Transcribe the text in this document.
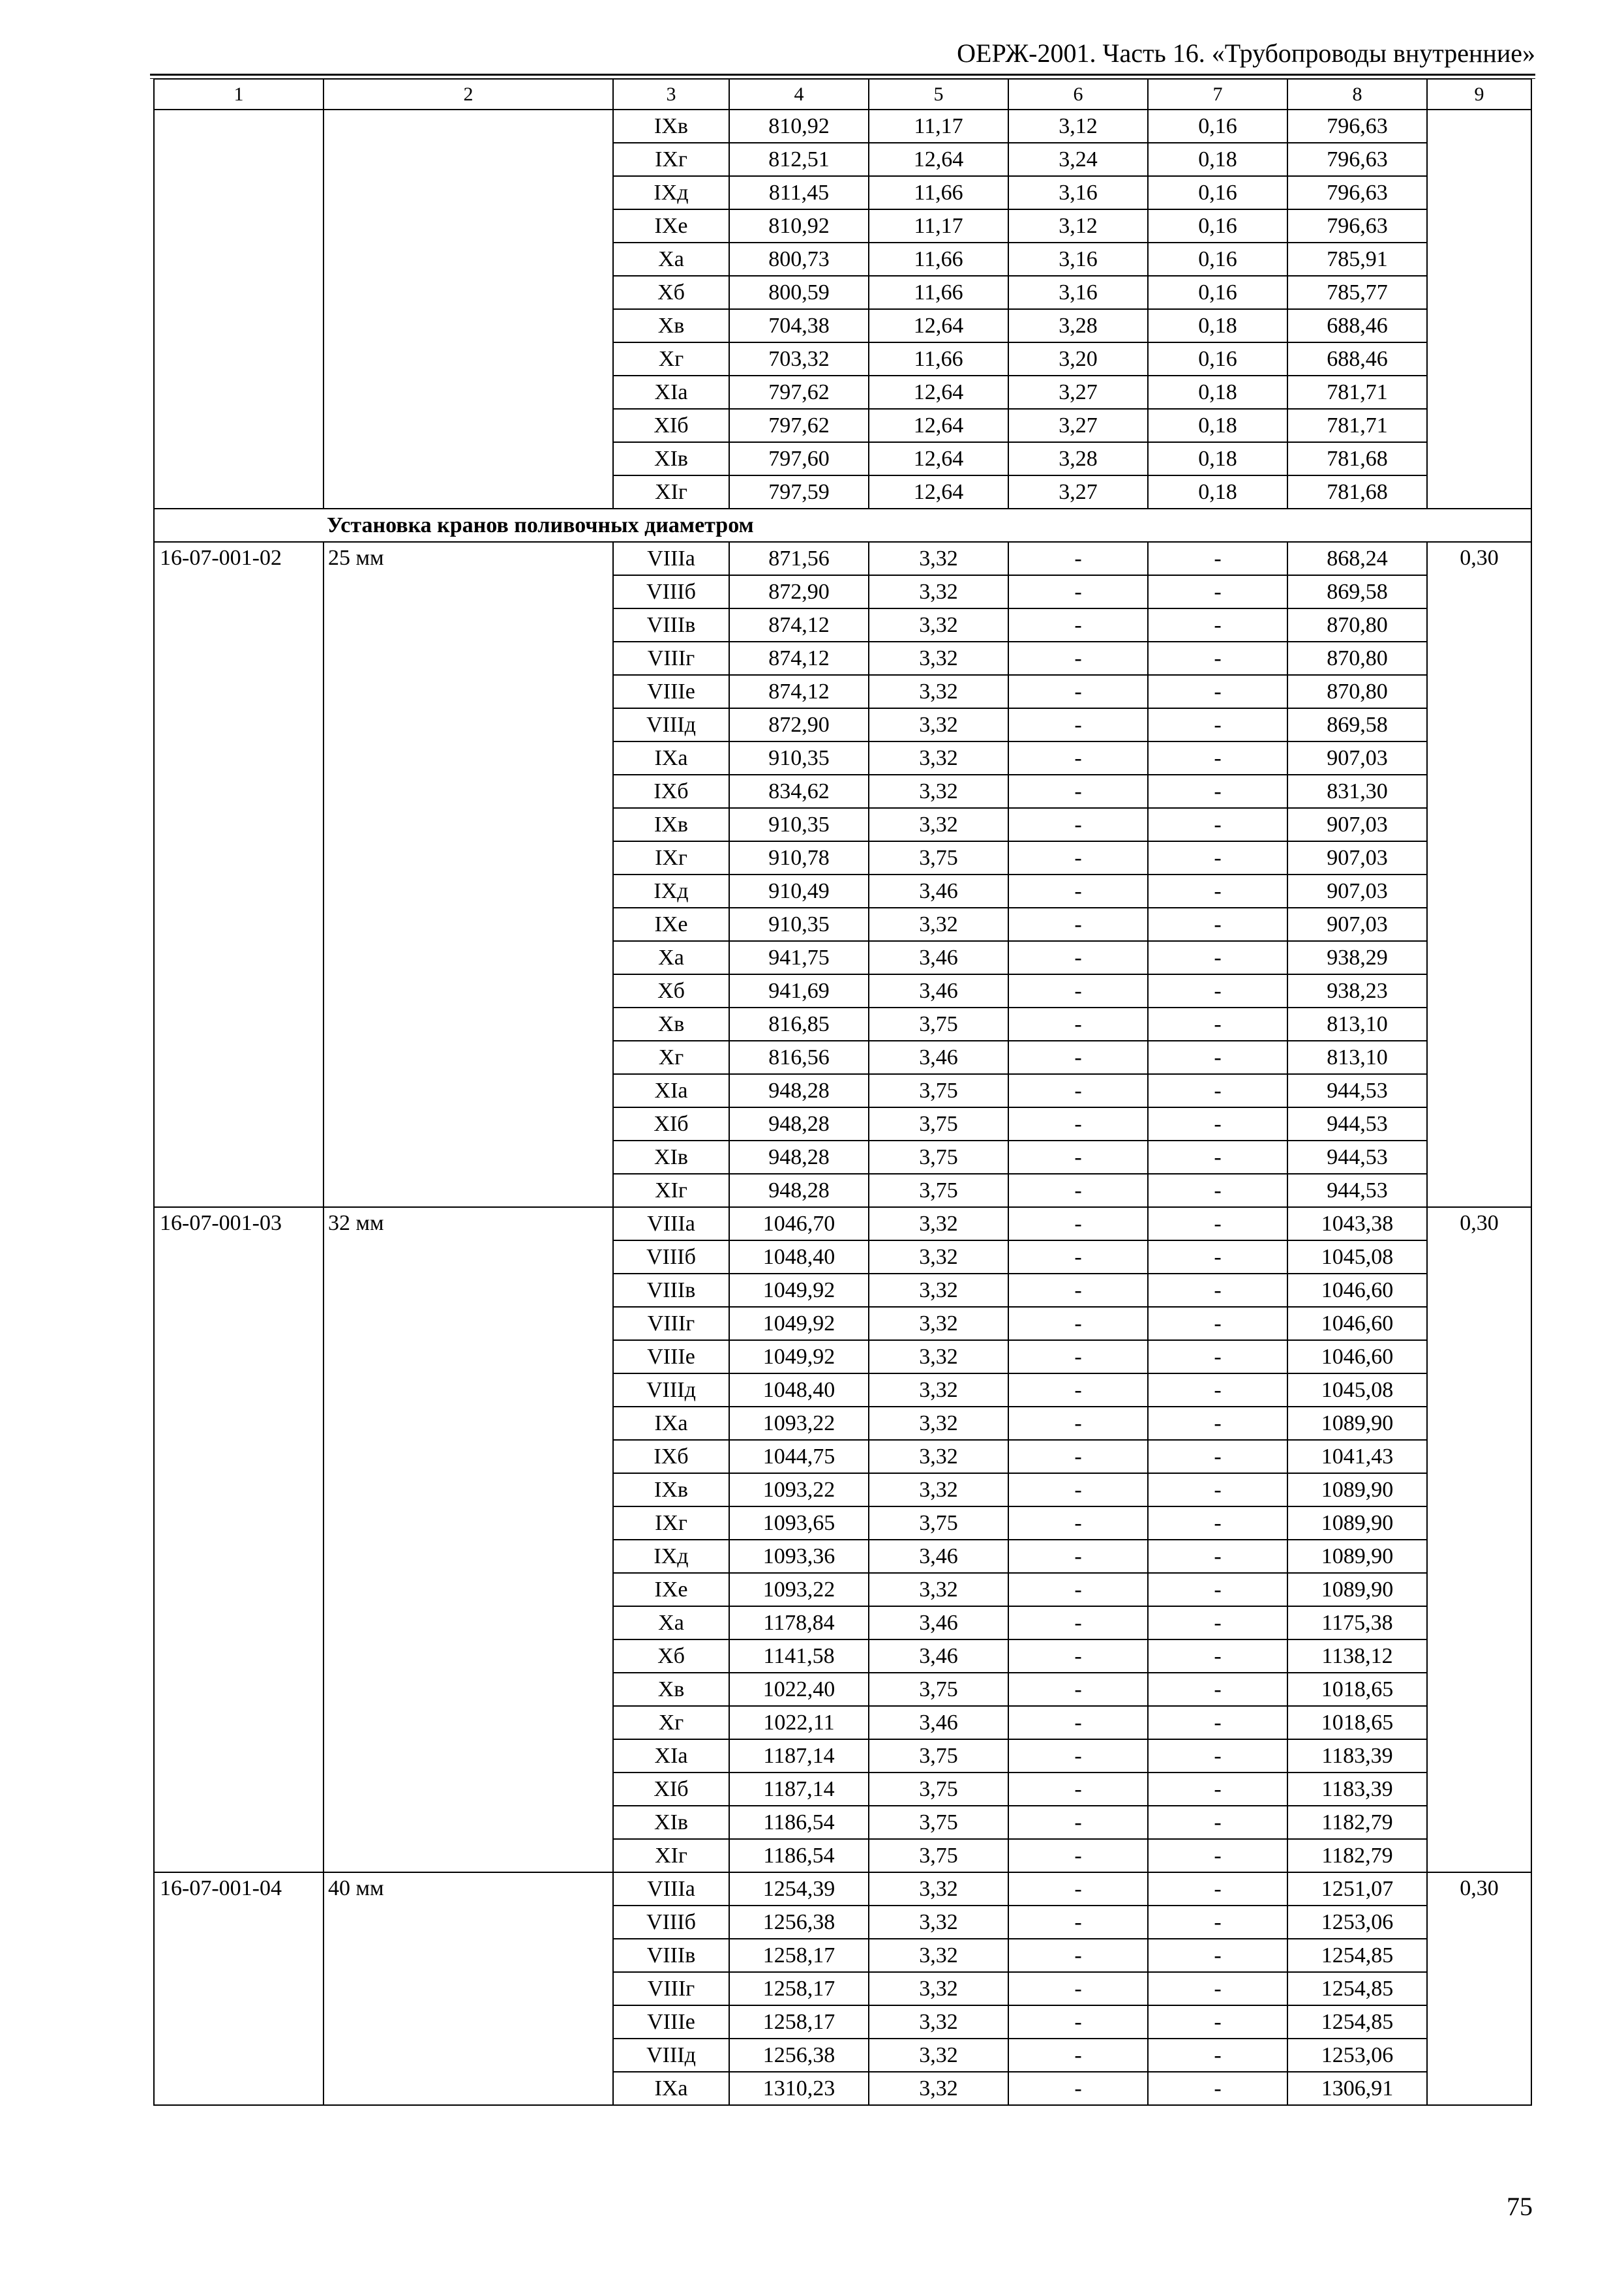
ОЕРЖ-2001. Часть 16. «Трубопроводы внутренние»
1	2	3	4	5	6	7	8	9
		IXв	810,92	11,17	3,12	0,16	796,63	
		IXг	812,51	12,64	3,24	0,18	796,63	
		IXд	811,45	11,66	3,16	0,16	796,63	
		IXе	810,92	11,17	3,12	0,16	796,63	
		Xа	800,73	11,66	3,16	0,16	785,91	
		Xб	800,59	11,66	3,16	0,16	785,77	
		Xв	704,38	12,64	3,28	0,18	688,46	
		Xг	703,32	11,66	3,20	0,16	688,46	
		XIа	797,62	12,64	3,27	0,18	781,71	
		XIб	797,62	12,64	3,27	0,18	781,71	
		XIв	797,60	12,64	3,28	0,18	781,68	
		XIг	797,59	12,64	3,27	0,18	781,68	
Установка кранов поливочных диаметром								
16-07-001-02	25 мм	VIIIа	871,56	3,32	-	-	868,24	0,30
		VIIIб	872,90	3,32	-	-	869,58	
		VIIIв	874,12	3,32	-	-	870,80	
		VIIIг	874,12	3,32	-	-	870,80	
		VIIIе	874,12	3,32	-	-	870,80	
		VIIIд	872,90	3,32	-	-	869,58	
		IXа	910,35	3,32	-	-	907,03	
		IXб	834,62	3,32	-	-	831,30	
		IXв	910,35	3,32	-	-	907,03	
		IXг	910,78	3,75	-	-	907,03	
		IXд	910,49	3,46	-	-	907,03	
		IXе	910,35	3,32	-	-	907,03	
		Xа	941,75	3,46	-	-	938,29	
		Xб	941,69	3,46	-	-	938,23	
		Xв	816,85	3,75	-	-	813,10	
		Xг	816,56	3,46	-	-	813,10	
		XIа	948,28	3,75	-	-	944,53	
		XIб	948,28	3,75	-	-	944,53	
		XIв	948,28	3,75	-	-	944,53	
		XIг	948,28	3,75	-	-	944,53	
16-07-001-03	32 мм	VIIIа	1046,70	3,32	-	-	1043,38	0,30
		VIIIб	1048,40	3,32	-	-	1045,08	
		VIIIв	1049,92	3,32	-	-	1046,60	
		VIIIг	1049,92	3,32	-	-	1046,60	
		VIIIе	1049,92	3,32	-	-	1046,60	
		VIIIд	1048,40	3,32	-	-	1045,08	
		IXа	1093,22	3,32	-	-	1089,90	
		IXб	1044,75	3,32	-	-	1041,43	
		IXв	1093,22	3,32	-	-	1089,90	
		IXг	1093,65	3,75	-	-	1089,90	
		IXд	1093,36	3,46	-	-	1089,90	
		IXе	1093,22	3,32	-	-	1089,90	
		Xа	1178,84	3,46	-	-	1175,38	
		Xб	1141,58	3,46	-	-	1138,12	
		Xв	1022,40	3,75	-	-	1018,65	
		Xг	1022,11	3,46	-	-	1018,65	
		XIа	1187,14	3,75	-	-	1183,39	
		XIб	1187,14	3,75	-	-	1183,39	
		XIв	1186,54	3,75	-	-	1182,79	
		XIг	1186,54	3,75	-	-	1182,79	
16-07-001-04	40 мм	VIIIа	1254,39	3,32	-	-	1251,07	0,30
		VIIIб	1256,38	3,32	-	-	1253,06	
		VIIIв	1258,17	3,32	-	-	1254,85	
		VIIIг	1258,17	3,32	-	-	1254,85	
		VIIIе	1258,17	3,32	-	-	1254,85	
		VIIIд	1256,38	3,32	-	-	1253,06	
		IXа	1310,23	3,32	-	-	1306,91	
75
